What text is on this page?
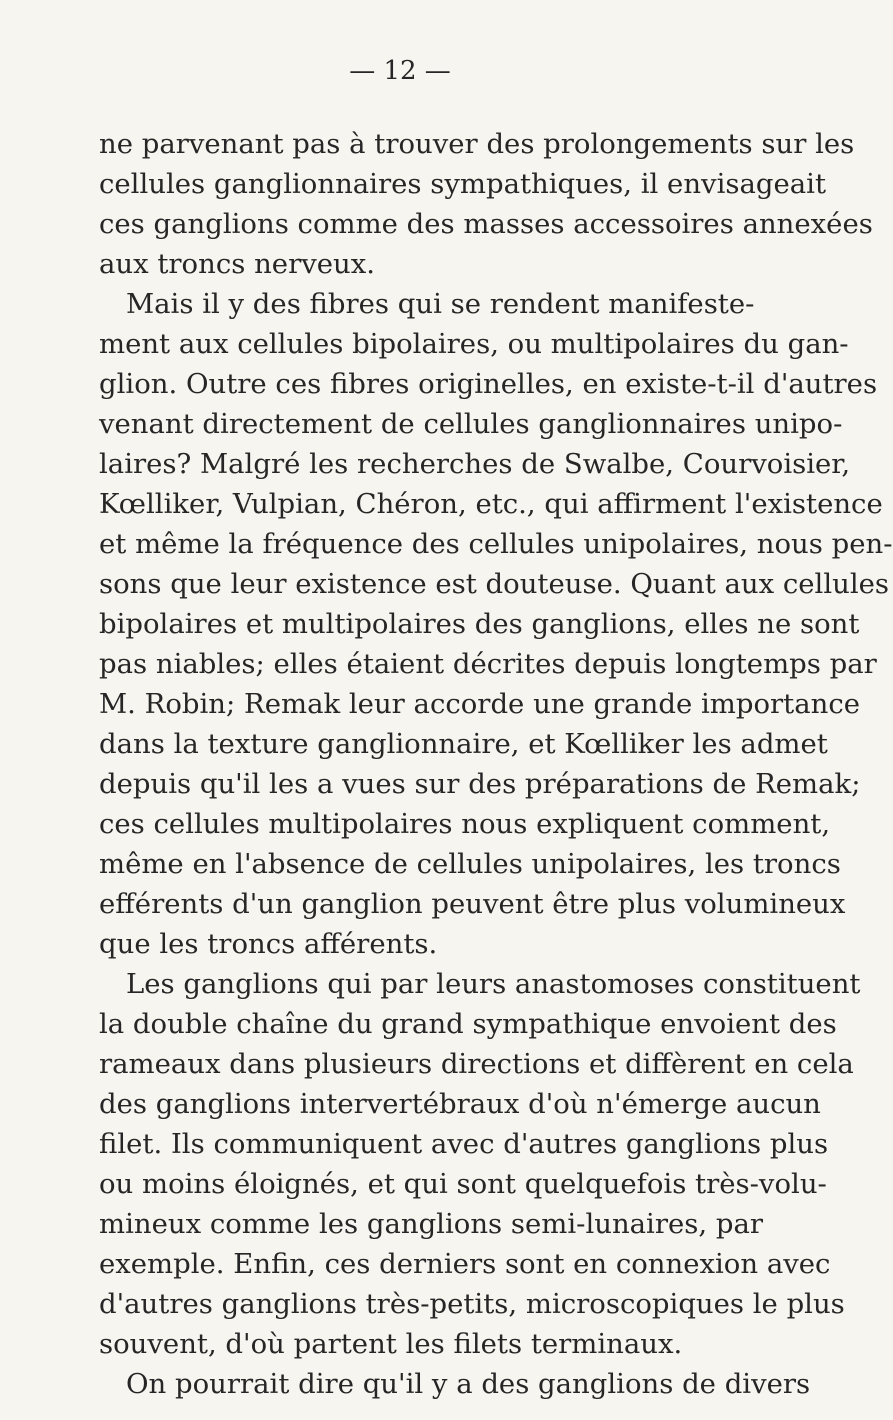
— 12 —
ne parvenant pas à trouver des prolongements sur les
cellules ganglionnaires sympathiques, il envisageait
ces ganglions comme des masses accessoires annexées
aux troncs nerveux.
Mais il y des fibres qui se rendent manifeste-
ment aux cellules bipolaires, ou multipolaires du gan-
glion. Outre ces fibres originelles, en existe-t-il d'autres
venant directement de cellules ganglionnaires unipo-
laires? Malgré les recherches de Swalbe, Courvoisier,
Kœlliker, Vulpian, Chéron, etc., qui affirment l'existence
et même la fréquence des cellules unipolaires, nous pen-
sons que leur existence est douteuse. Quant aux cellules
bipolaires et multipolaires des ganglions, elles ne sont
pas niables; elles étaient décrites depuis longtemps par
M. Robin; Remak leur accorde une grande importance
dans la texture ganglionnaire, et Kœlliker les admet
depuis qu'il les a vues sur des préparations de Remak;
ces cellules multipolaires nous expliquent comment,
même en l'absence de cellules unipolaires, les troncs
efférents d'un ganglion peuvent être plus volumineux
que les troncs afférents.
Les ganglions qui par leurs anastomoses constituent
la double chaîne du grand sympathique envoient des
rameaux dans plusieurs directions et diffèrent en cela
des ganglions intervertébraux d'où n'émerge aucun
filet. Ils communiquent avec d'autres ganglions plus
ou moins éloignés, et qui sont quelquefois très-volu-
mineux comme les ganglions semi-lunaires, par
exemple. Enfin, ces derniers sont en connexion avec
d'autres ganglions très-petits, microscopiques le plus
souvent, d'où partent les filets terminaux.
On pourrait dire qu'il y a des ganglions de divers
